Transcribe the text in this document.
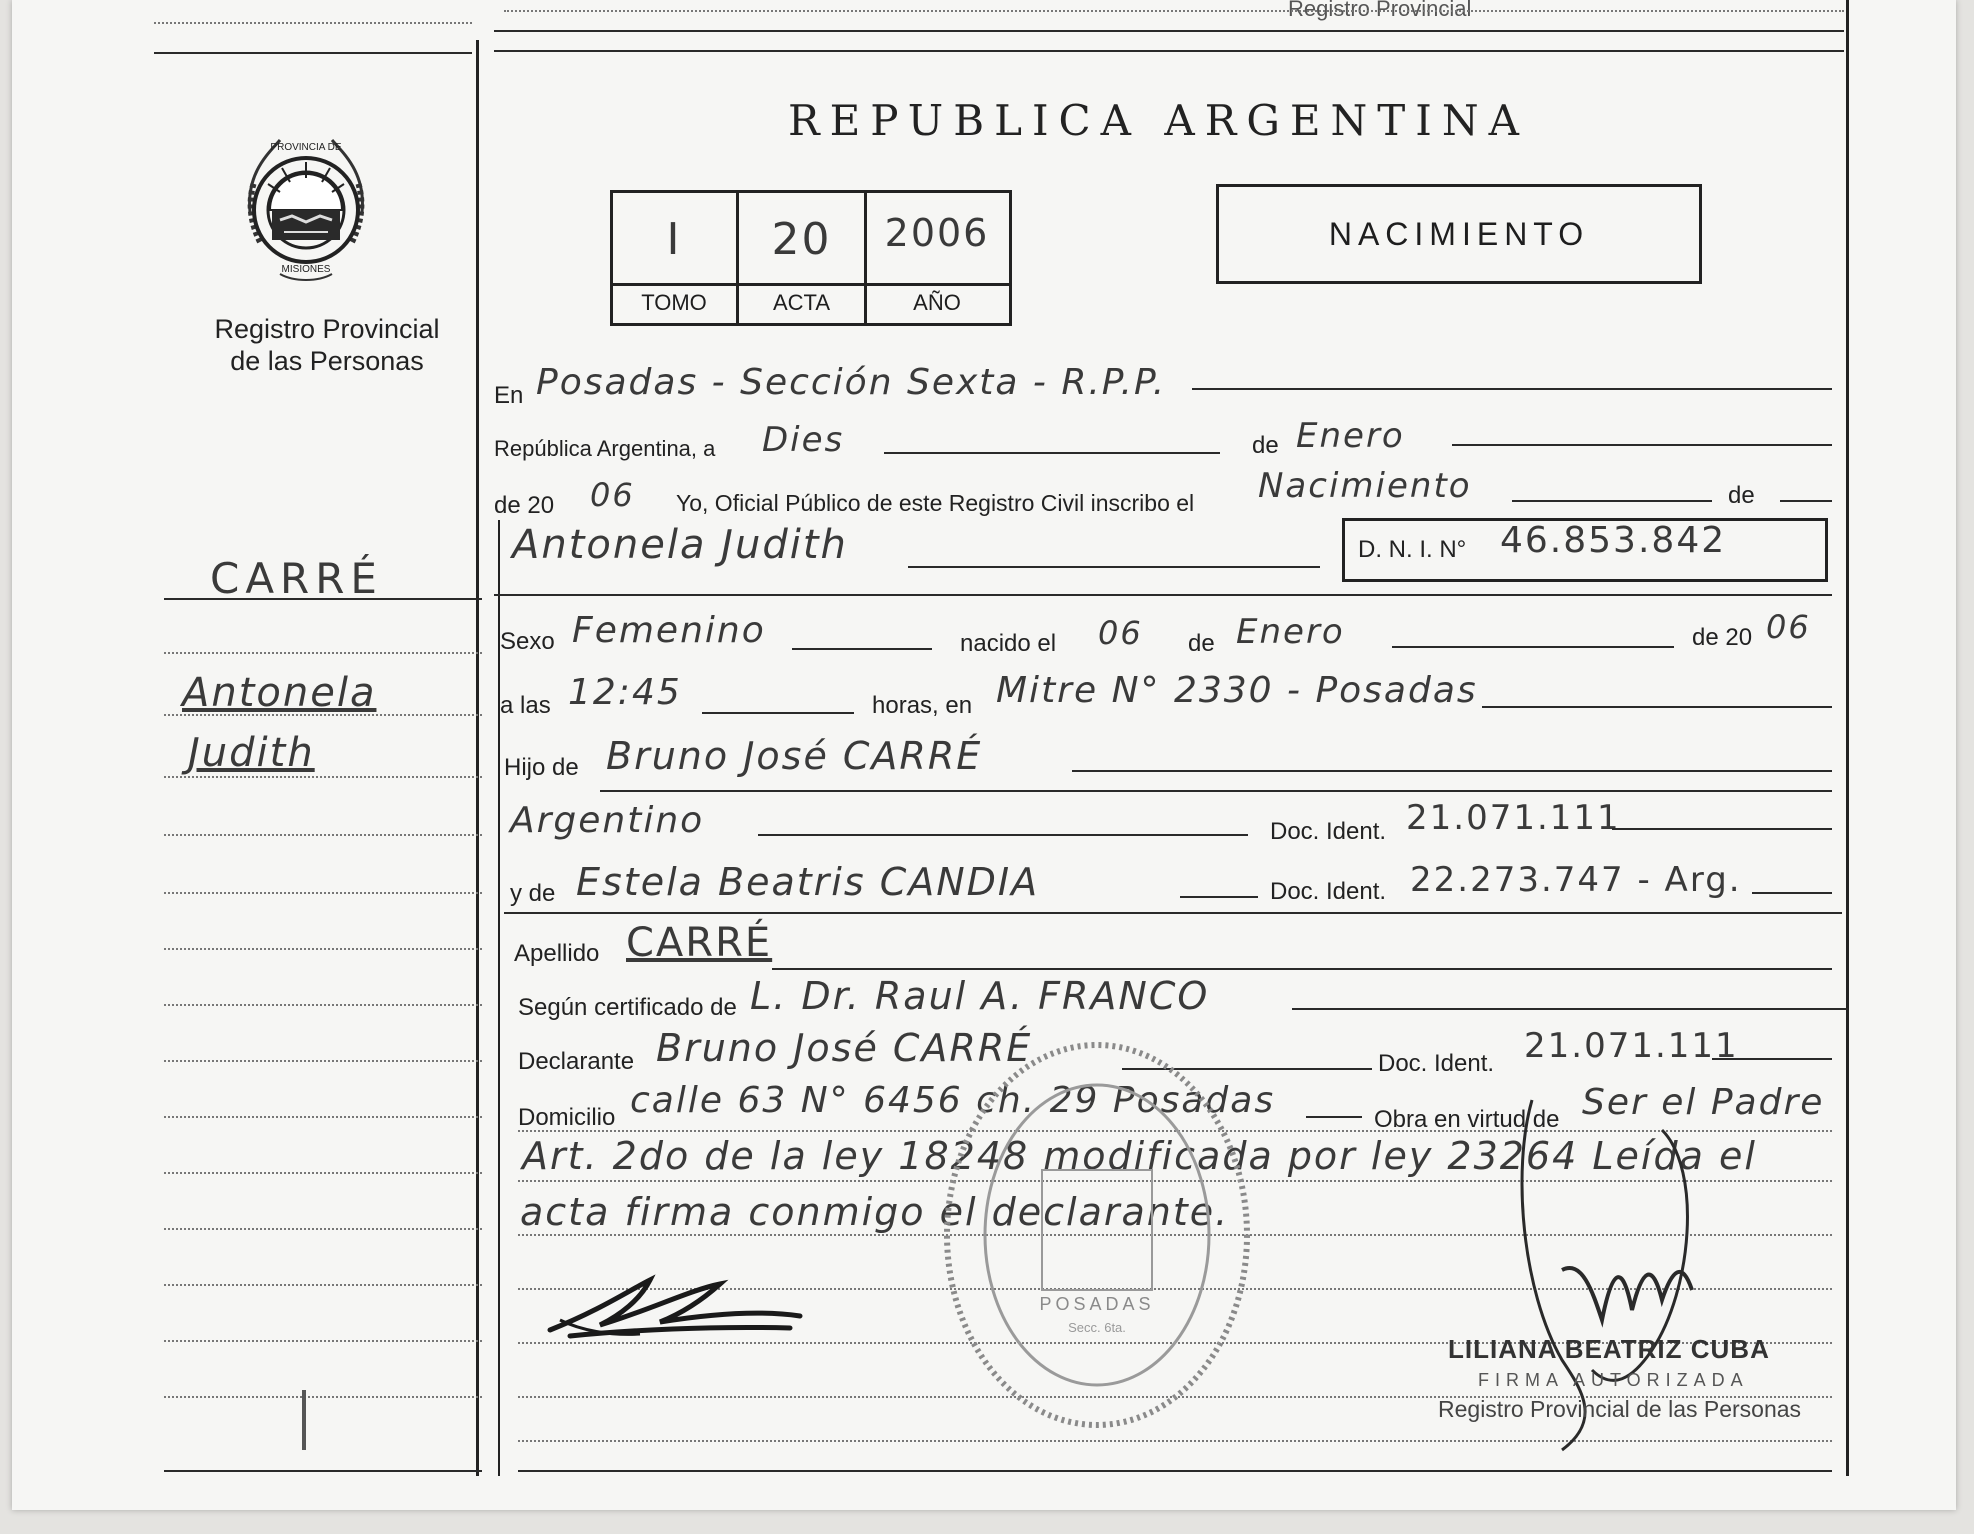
Registro Provincial
PROVINCIA DE
MISIONES
Registro Provincial
de las Personas
CARRÉ
Antonela
Judith
REPUBLICA ARGENTINA
I	20	2006
TOMO	ACTA	AÑO
NACIMIENTO
En Posadas - Sección Sexta - R.P.P.
República Argentina, a Dies	de Enero
de 20 06 Yo, Oficial Público de este Registro Civil inscribo el Nacimiento	de
Antonela Judith	D. N. I. N° 46.853.842
Sexo Femenino	nacido el 06 de Enero	de 20 06
a las 12:45	horas, en Mitre N° 2330 - Posadas
Hijo de Bruno José CARRÉ
Argentino	Doc. Ident. 21.071.111
y de Estela Beatris CANDIA	Doc. Ident. 22.273.747 - Arg.
Apellido CARRÉ
Según certificado de L. Dr. Raul A. FRANCO
Declarante Bruno José CARRÉ	Doc. Ident. 21.071.111
Domicilio calle 63 N° 6456 ch. 29 Posadas	Obra en virtud de Ser el Padre
Art. 2do de la ley 18248 modificada por ley 23264 Leída el
acta firma conmigo el declarante.
POSADAS
Secc. 6ta.
LILIANA BEATRIZ CUBA
FIRMA AUTORIZADA
Registro Provincial de las Personas
